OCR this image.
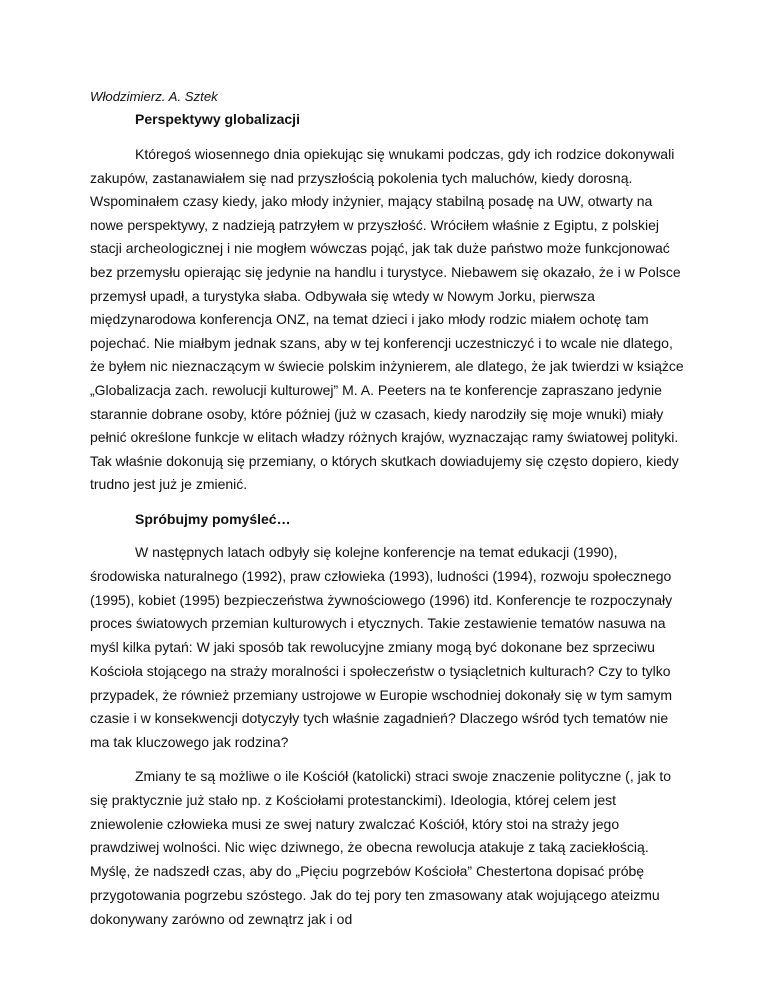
Włodzimierz. A. Sztek

Perspektywy globalizacji

Któregoś wiosennego dnia opiekując się wnukami podczas, gdy ich rodzice dokonywali zakupów, zastanawiałem się nad przyszłością pokolenia tych maluchów, kiedy dorosną. Wspominałem czasy kiedy, jako młody inżynier, mający stabilną posadę na UW, otwarty na nowe perspektywy, z nadzieją patrzyłem w przyszłość. Wróciłem właśnie z Egiptu, z polskiej stacji archeologicznej i nie mogłem wówczas pojąć, jak tak duże państwo może funkcjonować bez przemysłu opierając się jedynie na handlu i turystyce. Niebawem się okazało, że i w Polsce przemysł upadł, a turystyka słaba. Odbywała się wtedy w Nowym Jorku, pierwsza międzynarodowa konferencja ONZ, na temat dzieci i jako młody rodzic miałem ochotę tam pojechać. Nie miałbym jednak szans, aby w tej konferencji uczestniczyć i to wcale nie dlatego, że byłem nic nieznaczącym w świecie polskim inżynierem, ale dlatego, że jak twierdzi w książce „Globalizacja zach. rewolucji kulturowej” M. A. Peeters na te konferencje zapraszano jedynie starannie dobrane osoby, które później (już w czasach, kiedy narodziły się moje wnuki) miały pełnić określone funkcje w elitach władzy różnych krajów, wyznaczając ramy światowej polityki. Tak właśnie dokonują się przemiany, o których skutkach dowiadujemy się często dopiero, kiedy trudno jest już je zmienić.

Spróbujmy pomyśleć…

W następnych latach odbyły się kolejne konferencje na temat edukacji (1990), środowiska naturalnego (1992), praw człowieka (1993), ludności (1994), rozwoju społecznego (1995), kobiet (1995) bezpieczeństwa żywnościowego (1996) itd. Konferencje te rozpoczynały proces światowych przemian kulturowych i etycznych. Takie zestawienie tematów nasuwa na myśl kilka pytań: W jaki sposób tak rewolucyjne zmiany mogą być dokonane bez sprzeciwu Kościoła stojącego na straży moralności i społeczeństw o tysiącletnich kulturach? Czy to tylko przypadek, że również przemiany ustrojowe w Europie wschodniej dokonały się w tym samym czasie i w konsekwencji dotyczyły tych właśnie zagadnień? Dlaczego wśród tych tematów nie ma tak kluczowego jak rodzina?

Zmiany te są możliwe o ile Kościół (katolicki) straci swoje znaczenie polityczne (, jak to się praktycznie już stało np. z Kościołami protestanckimi). Ideologia, której celem jest zniewolenie człowieka musi ze swej natury zwalczać Kościół, który stoi na straży jego prawdziwej wolności. Nic więc dziwnego, że obecna rewolucja atakuje z taką zaciekłością. Myślę, że nadszedł czas, aby do „Pięciu pogrzebów Kościoła” Chestertona dopisać próbę przygotowania pogrzebu szóstego. Jak do tej pory ten zmasowany atak wojującego ateizmu dokonywany zarówno od zewnątrz jak i od
